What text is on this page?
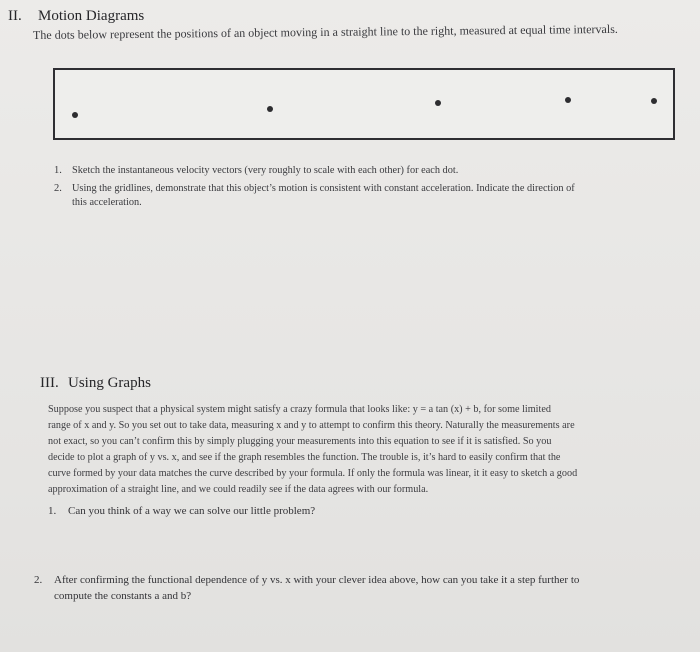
II. Motion Diagrams
The dots below represent the positions of an object moving in a straight line to the right, measured at equal time intervals.
1. Sketch the instantaneous velocity vectors (very roughly to scale with each other) for each dot.
2. Using the gridlines, demonstrate that this object’s motion is consistent with constant acceleration. Indicate the direction of
this acceleration.
III. Using Graphs
Suppose you suspect that a physical system might satisfy a crazy formula that looks like: y = a tan (x) + b, for some limited
range of x and y. So you set out to take data, measuring x and y to attempt to confirm this theory. Naturally the measurements are
not exact, so you can’t confirm this by simply plugging your measurements into this equation to see if it is satisfied. So you
decide to plot a graph of y vs. x, and see if the graph resembles the function. The trouble is, it’s hard to easily confirm that the
curve formed by your data matches the curve described by your formula. If only the formula was linear, it it easy to sketch a good
approximation of a straight line, and we could readily see if the data agrees with our formula.
1. Can you think of a way we can solve our little problem?
2. After confirming the functional dependence of y vs. x with your clever idea above, how can you take it a step further to
compute the constants a and b?
